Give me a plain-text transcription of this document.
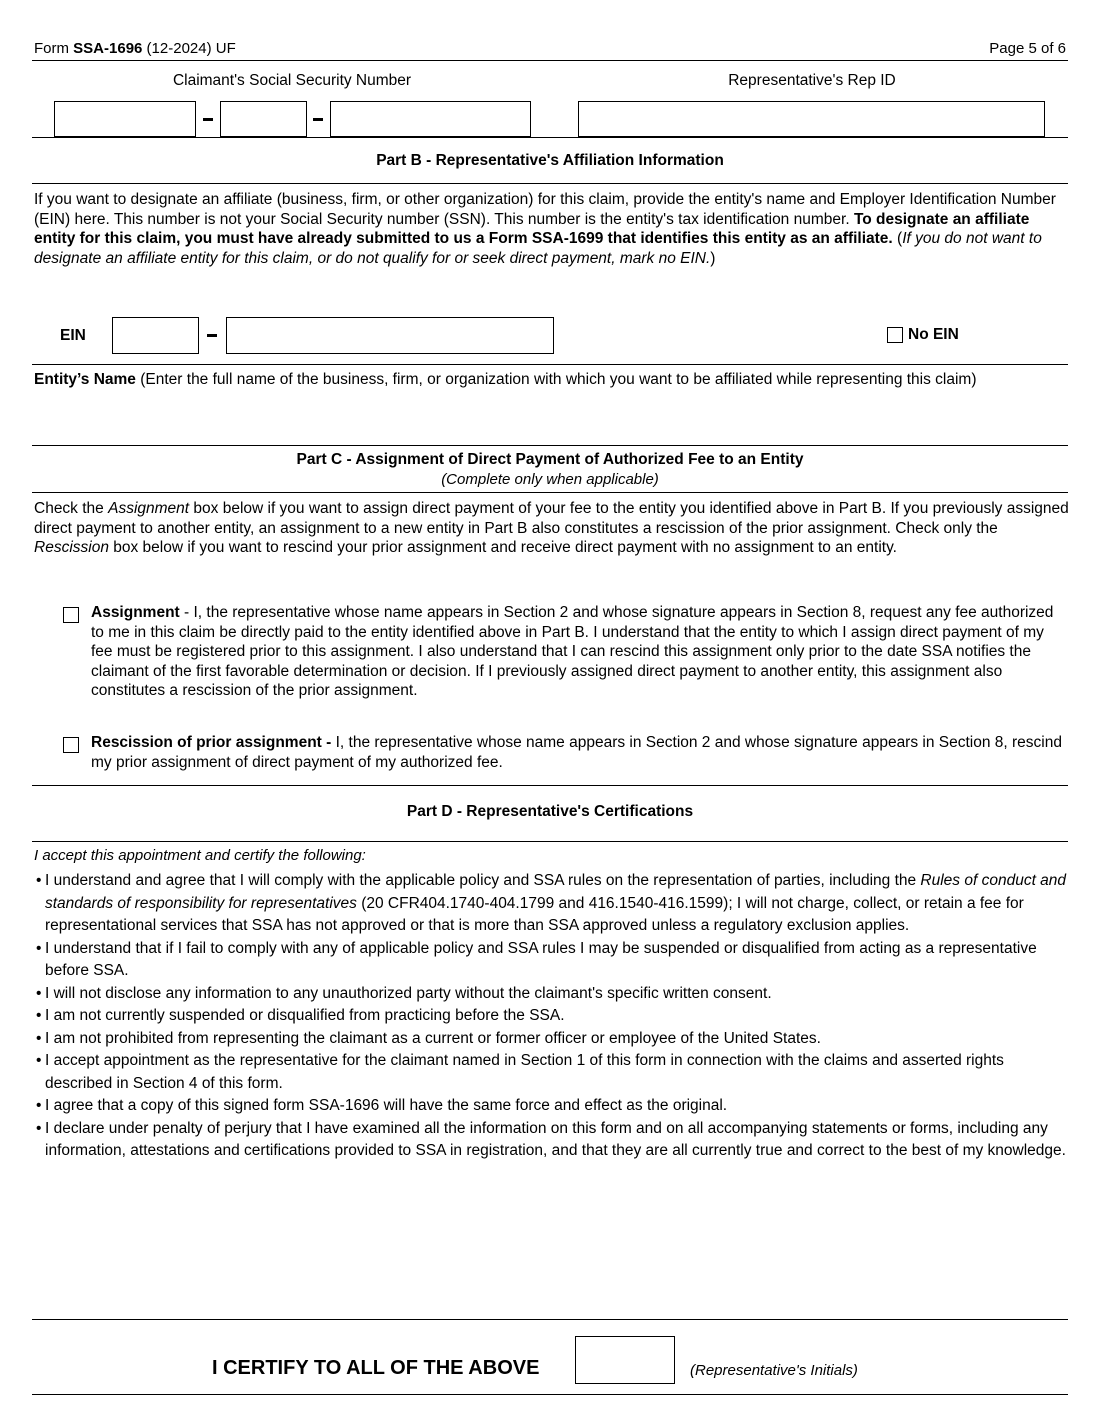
Form SSA-1696 (12-2024) UF	Page 5 of 6
Claimant's Social Security Number	Representative's Rep ID
Part B - Representative's Affiliation Information
If you want to designate an affiliate (business, firm, or other organization) for this claim, provide the entity's name and Employer Identification Number (EIN) here. This number is not your Social Security number (SSN). This number is the entity's tax identification number. To designate an affiliate entity for this claim, you must have already submitted to us a Form SSA-1699 that identifies this entity as an affiliate. (If you do not want to designate an affiliate entity for this claim, or do not qualify for or seek direct payment, mark no EIN.)
EIN	No EIN
Entity’s Name (Enter the full name of the business, firm, or organization with which you want to be affiliated while representing this claim)
Part C - Assignment of Direct Payment of Authorized Fee to an Entity
(Complete only when applicable)
Check the Assignment box below if you want to assign direct payment of your fee to the entity you identified above in Part B. If you previously assigned direct payment to another entity, an assignment to a new entity in Part B also constitutes a rescission of the prior assignment. Check only the Rescission box below if you want to rescind your prior assignment and receive direct payment with no assignment to an entity.
Assignment - I, the representative whose name appears in Section 2 and whose signature appears in Section 8, request any fee authorized to me in this claim be directly paid to the entity identified above in Part B. I understand that the entity to which I assign direct payment of my fee must be registered prior to this assignment. I also understand that I can rescind this assignment only prior to the date SSA notifies the claimant of the first favorable determination or decision. If I previously assigned direct payment to another entity, this assignment also constitutes a rescission of the prior assignment.
Rescission of prior assignment - I, the representative whose name appears in Section 2 and whose signature appears in Section 8, rescind my prior assignment of direct payment of my authorized fee.
Part D - Representative's Certifications
I accept this appointment and certify the following:
• I understand and agree that I will comply with the applicable policy and SSA rules on the representation of parties, including the Rules of conduct and standards of responsibility for representatives (20 CFR404.1740-404.1799 and 416.1540-416.1599); I will not charge, collect, or retain a fee for representational services that SSA has not approved or that is more than SSA approved unless a regulatory exclusion applies.
• I understand that if I fail to comply with any of applicable policy and SSA rules I may be suspended or disqualified from acting as a representative before SSA.
• I will not disclose any information to any unauthorized party without the claimant's specific written consent.
• I am not currently suspended or disqualified from practicing before the SSA.
• I am not prohibited from representing the claimant as a current or former officer or employee of the United States.
• I accept appointment as the representative for the claimant named in Section 1 of this form in connection with the claims and asserted rights described in Section 4 of this form.
• I agree that a copy of this signed form SSA-1696 will have the same force and effect as the original.
• I declare under penalty of perjury that I have examined all the information on this form and on all accompanying statements or forms, including any information, attestations and certifications provided to SSA in registration, and that they are all currently true and correct to the best of my knowledge.
I CERTIFY TO ALL OF THE ABOVE	(Representative's Initials)
